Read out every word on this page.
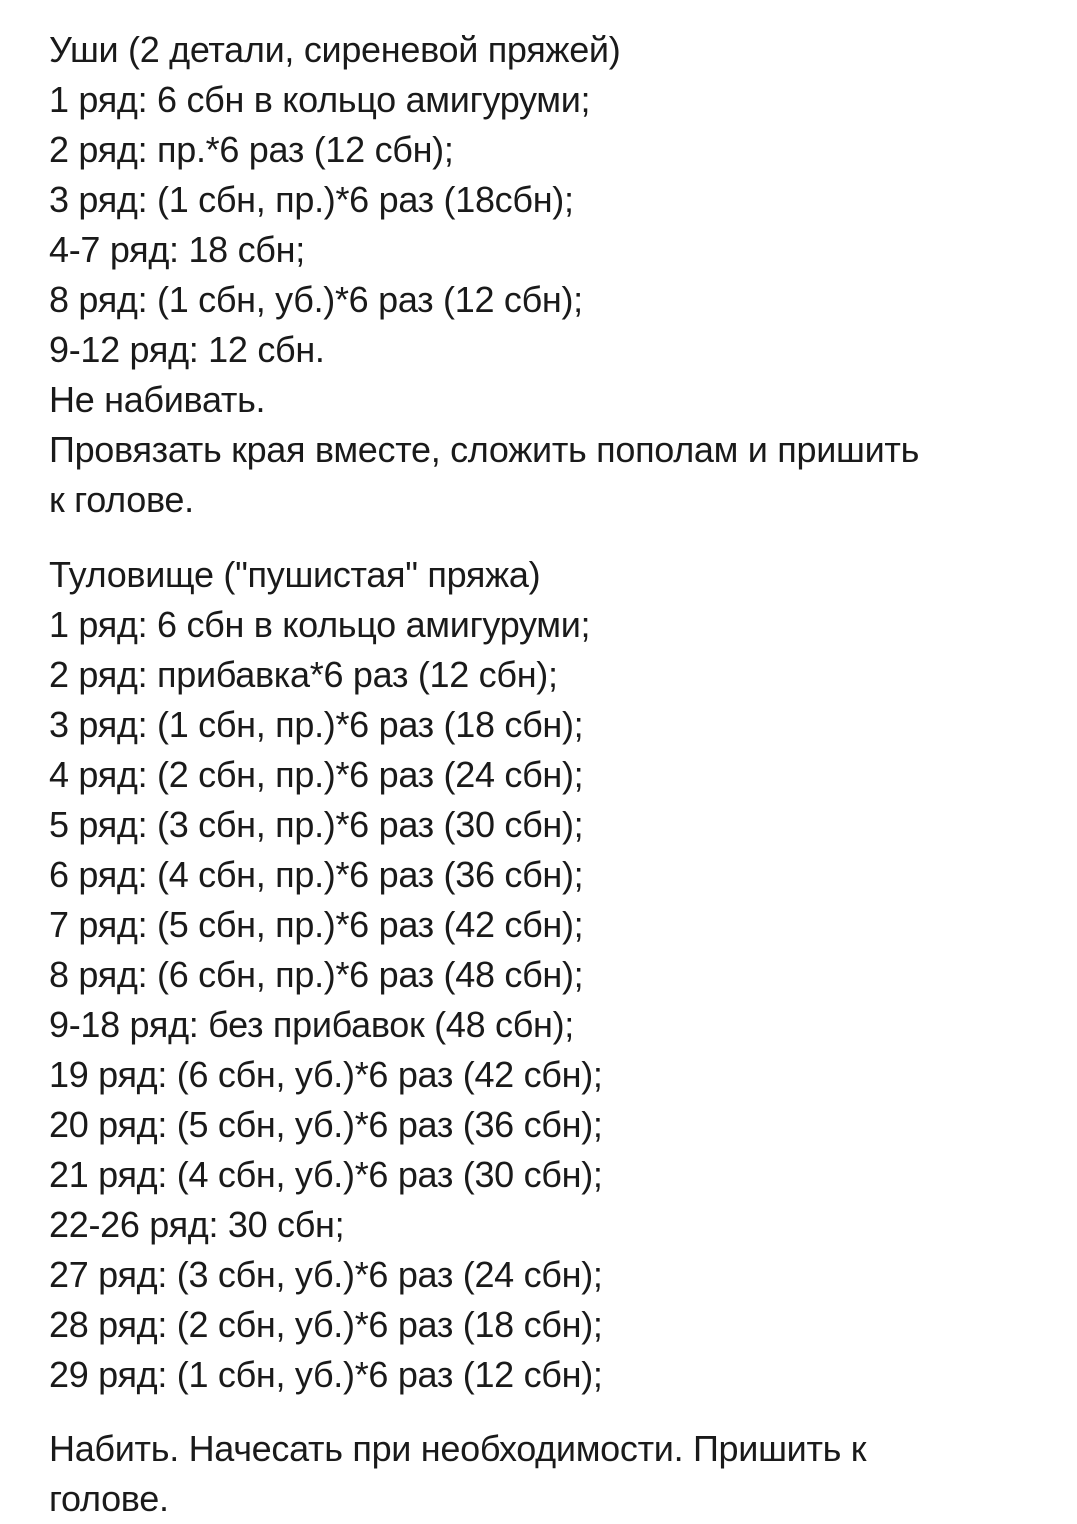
Уши (2 детали, сиреневой пряжей)
1 ряд: 6 сбн в кольцо амигуруми;
2 ряд: пр.*6 раз (12 сбн);
3 ряд: (1 сбн, пр.)*6 раз (18сбн);
4-7 ряд: 18 сбн;
8 ряд: (1 сбн, уб.)*6 раз (12 сбн);
9-12 ряд: 12 сбн.
Не набивать.
Провязать края вместе, сложить пополам и пришить
к голове.
Туловище ("пушистая" пряжа)
1 ряд: 6 сбн в кольцо амигуруми;
2 ряд: прибавка*6 раз (12 сбн);
3 ряд: (1 сбн, пр.)*6 раз (18 сбн);
4 ряд: (2 сбн, пр.)*6 раз (24 сбн);
5 ряд: (3 сбн, пр.)*6 раз (30 сбн);
6 ряд: (4 сбн, пр.)*6 раз (36 сбн);
7 ряд: (5 сбн, пр.)*6 раз (42 сбн);
8 ряд: (6 сбн, пр.)*6 раз (48 сбн);
9-18 ряд: без прибавок (48 сбн);
19 ряд: (6 сбн, уб.)*6 раз (42 сбн);
20 ряд: (5 сбн, уб.)*6 раз (36 сбн);
21 ряд: (4 сбн, уб.)*6 раз (30 сбн);
22-26 ряд: 30 сбн;
27 ряд: (3 сбн, уб.)*6 раз (24 сбн);
28 ряд: (2 сбн, уб.)*6 раз (18 сбн);
29 ряд: (1 сбн, уб.)*6 раз (12 сбн);
Набить. Начесать при необходимости. Пришить к
голове.
